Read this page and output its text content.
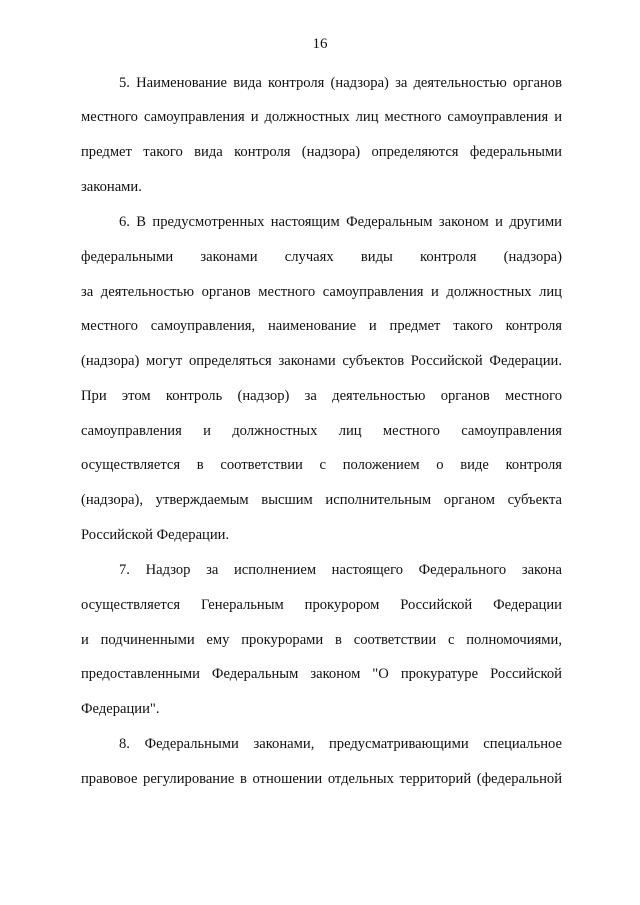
16
5. Наименование вида контроля (надзора) за деятельностью органов
местного самоуправления и должностных лиц местного самоуправления и
предмет такого вида контроля (надзора) определяются федеральными
законами.
6. В предусмотренных настоящим Федеральным законом и другими
федеральными законами случаях виды контроля (надзора)
за деятельностью органов местного самоуправления и должностных лиц
местного самоуправления, наименование и предмет такого контроля
(надзора) могут определяться законами субъектов Российской Федерации.
При этом контроль (надзор) за деятельностью органов местного
самоуправления и должностных лиц местного самоуправления
осуществляется в соответствии с положением о виде контроля
(надзора), утверждаемым высшим исполнительным органом субъекта
Российской Федерации.
7. Надзор за исполнением настоящего Федерального закона
осуществляется Генеральным прокурором Российской Федерации
и подчиненными ему прокурорами в соответствии с полномочиями,
предоставленными Федеральным законом "О прокуратуре Российской
Федерации".
8. Федеральными законами, предусматривающими специальное
правовое регулирование в отношении отдельных территорий (федеральной
